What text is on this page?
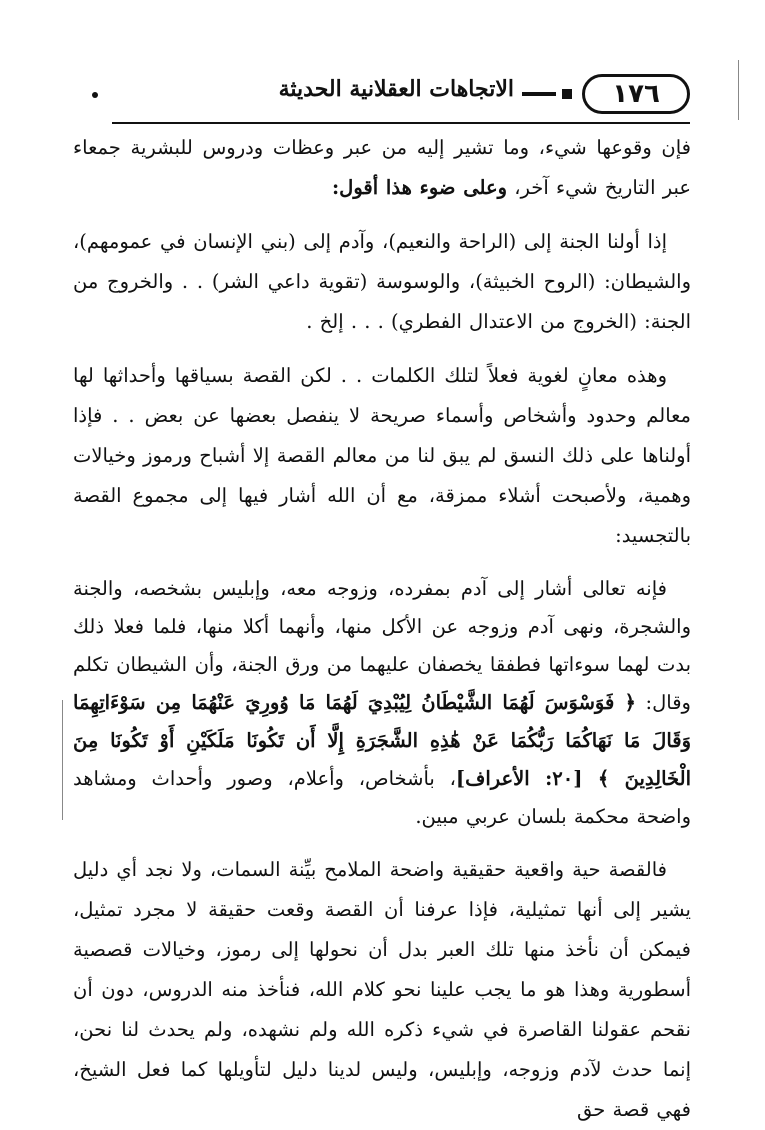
١٧٦
الاتجاهات العقلانية الحديثة

فإن وقوعها شيء، وما تشير إليه من عبر وعظات ودروس للبشرية جمعاء عبر التاريخ شيء آخر، وعلى ضوء هذا أقول:

إذا أولنا الجنة إلى (الراحة والنعيم)، وآدم إلى (بني الإنسان في عمومهم)، والشيطان: (الروح الخبيثة)، والوسوسة (تقوية داعي الشر) . . والخروج من الجنة: (الخروج من الاعتدال الفطري) . . . إلخ .

وهذه معانٍ لغوية فعلاً لتلك الكلمات . . لكن القصة بسياقها وأحداثها لها معالم وحدود وأشخاص وأسماء صريحة لا ينفصل بعضها عن بعض . . فإذا أولناها على ذلك النسق لم يبق لنا من معالم القصة إلا أشباح ورموز وخيالات وهمية، ولأصبحت أشلاء ممزقة، مع أن الله أشار فيها إلى مجموع القصة بالتجسيد:

فإنه تعالى أشار إلى آدم بمفرده، وزوجه معه، وإبليس بشخصه، والجنة والشجرة، ونهى آدم وزوجه عن الأكل منها، وأنهما أكلا منها، فلما فعلا ذلك بدت لهما سوءاتها فطفقا يخصفان عليهما من ورق الجنة، وأن الشيطان تكلم وقال: ﴿ فَوَسْوَسَ لَهُمَا الشَّيْطَانُ لِيُبْدِيَ لَهُمَا مَا وُورِيَ عَنْهُمَا مِن سَوْءَاتِهِمَا وَقَالَ مَا نَهَاكُمَا رَبُّكُمَا عَنْ هَٰذِهِ الشَّجَرَةِ إِلَّا أَن تَكُونَا مَلَكَيْنِ أَوْ تَكُونَا مِنَ الْخَالِدِينَ ﴾ [٢٠: الأعراف]، بأشخاص، وأعلام، وصور وأحداث ومشاهد واضحة محكمة بلسان عربي مبين.

فالقصة حية واقعية حقيقية واضحة الملامح بيِّنة السمات، ولا نجد أي دليل يشير إلى أنها تمثيلية، فإذا عرفنا أن القصة وقعت حقيقة لا مجرد تمثيل، فيمكن أن نأخذ منها تلك العبر بدل أن نحولها إلى رموز، وخيالات قصصية أسطورية وهذا هو ما يجب علينا نحو كلام الله، فنأخذ منه الدروس، دون أن نقحم عقولنا القاصرة في شيء ذكره الله ولم نشهده، ولم يحدث لنا نحن، إنما حدث لآدم وزوجه، وإبليس، وليس لدينا دليل لتأويلها كما فعل الشيخ، فهي قصة حق
